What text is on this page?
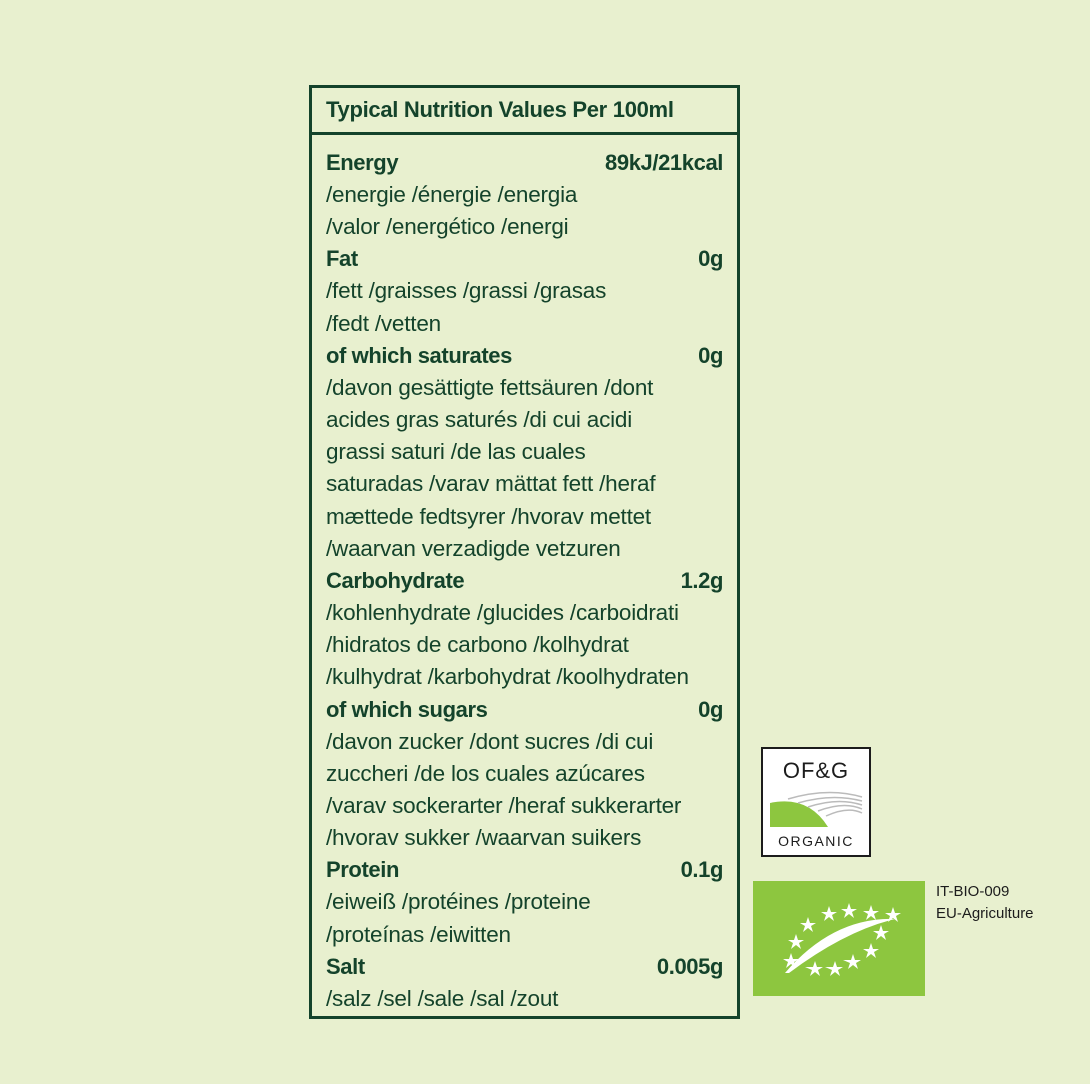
Typical Nutrition Values Per 100ml
Energy	89kJ/21kcal
/energie /énergie /energia
/valor /energético /energi
Fat	0g
/fett /graisses /grassi /grasas
/fedt /vetten
of which saturates	0g
/davon gesättigte fettsäuren /dont
acides gras saturés /di cui acidi
grassi saturi /de las cuales
saturadas /varav mättat fett /heraf
mættede fedtsyrer /hvorav mettet
/waarvan verzadigde vetzuren
Carbohydrate	1.2g
/kohlenhydrate /glucides /carboidrati
/hidratos de carbono /kolhydrat
/kulhydrat /karbohydrat /koolhydraten
of which sugars	0g
/davon zucker /dont sucres /di cui
zuccheri /de los cuales azúcares
/varav sockerarter /heraf sukkerarter
/hvorav sukker /waarvan suikers
Protein	0.1g
/eiweiß /protéines /proteine
/proteínas /eiwitten
Salt	0.005g
/salz /sel /sale /sal /zout
OF&G
ORGANIC
IT-BIO-009
EU-Agriculture
